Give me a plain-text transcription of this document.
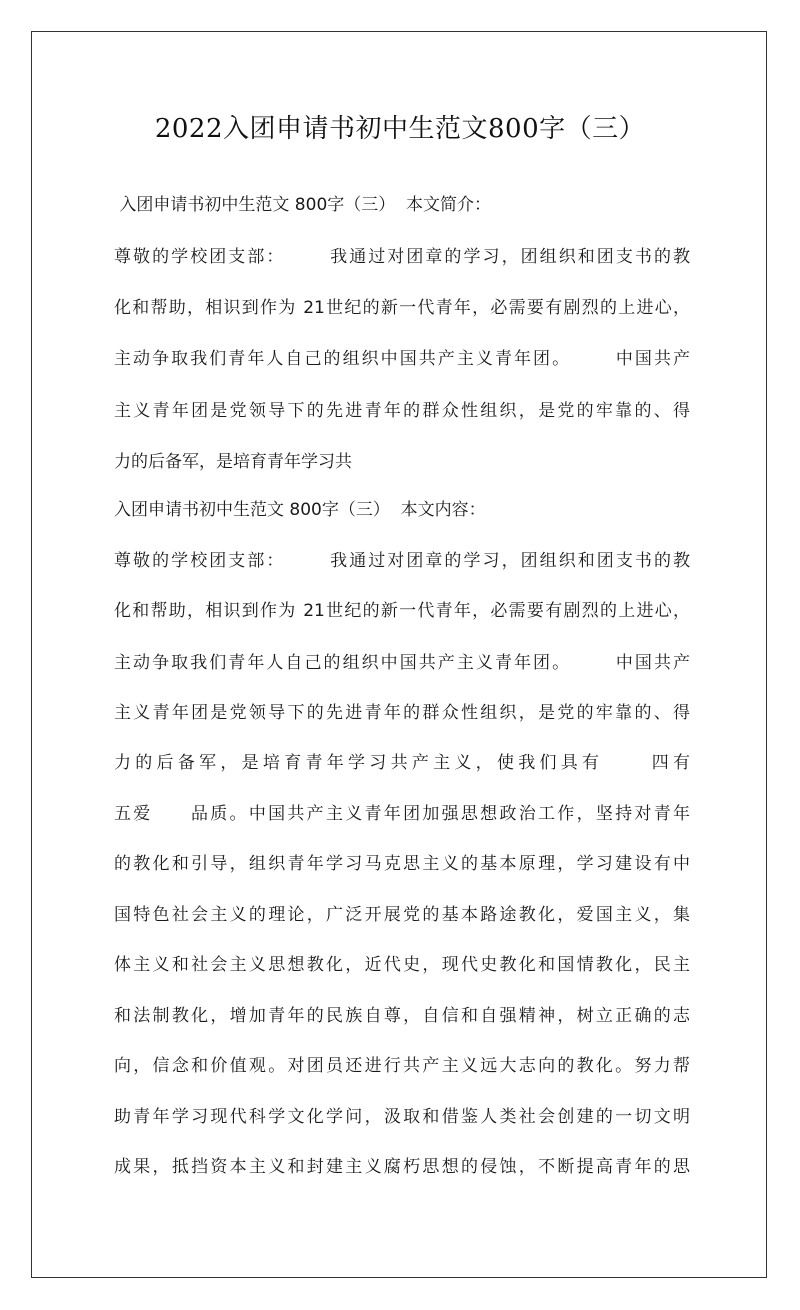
2022入团申请书初中生范文800字（三）
入团申请书初中生范文 800字（三）  本文简介：
尊敬的学校团支部：      我通过对团章的学习，团组织和团支书的教
化和帮助，相识到作为 21世纪的新一代青年，必需要有剧烈的上进心，
主动争取我们青年人自己的组织中国共产主义青年团。      中国共产
主义青年团是党领导下的先进青年的群众性组织，是党的牢靠的、得
力的后备军，是培育青年学习共
入团申请书初中生范文 800字（三）  本文内容：
尊敬的学校团支部：      我通过对团章的学习，团组织和团支书的教
化和帮助，相识到作为 21世纪的新一代青年，必需要有剧烈的上进心，
主动争取我们青年人自己的组织中国共产主义青年团。      中国共产
主义青年团是党领导下的先进青年的群众性组织，是党的牢靠的、得
力的后备军，是培育青年学习共产主义，使我们具有     四有
五爱     品质。中国共产主义青年团加强思想政治工作，坚持对青年
的教化和引导，组织青年学习马克思主义的基本原理，学习建设有中
国特色社会主义的理论，广泛开展党的基本路途教化，爱国主义，集
体主义和社会主义思想教化，近代史，现代史教化和国情教化，民主
和法制教化，增加青年的民族自尊，自信和自强精神，树立正确的志
向，信念和价值观。对团员还进行共产主义远大志向的教化。努力帮
助青年学习现代科学文化学问，汲取和借鉴人类社会创建的一切文明
成果，抵挡资本主义和封建主义腐朽思想的侵蚀，不断提高青年的思
